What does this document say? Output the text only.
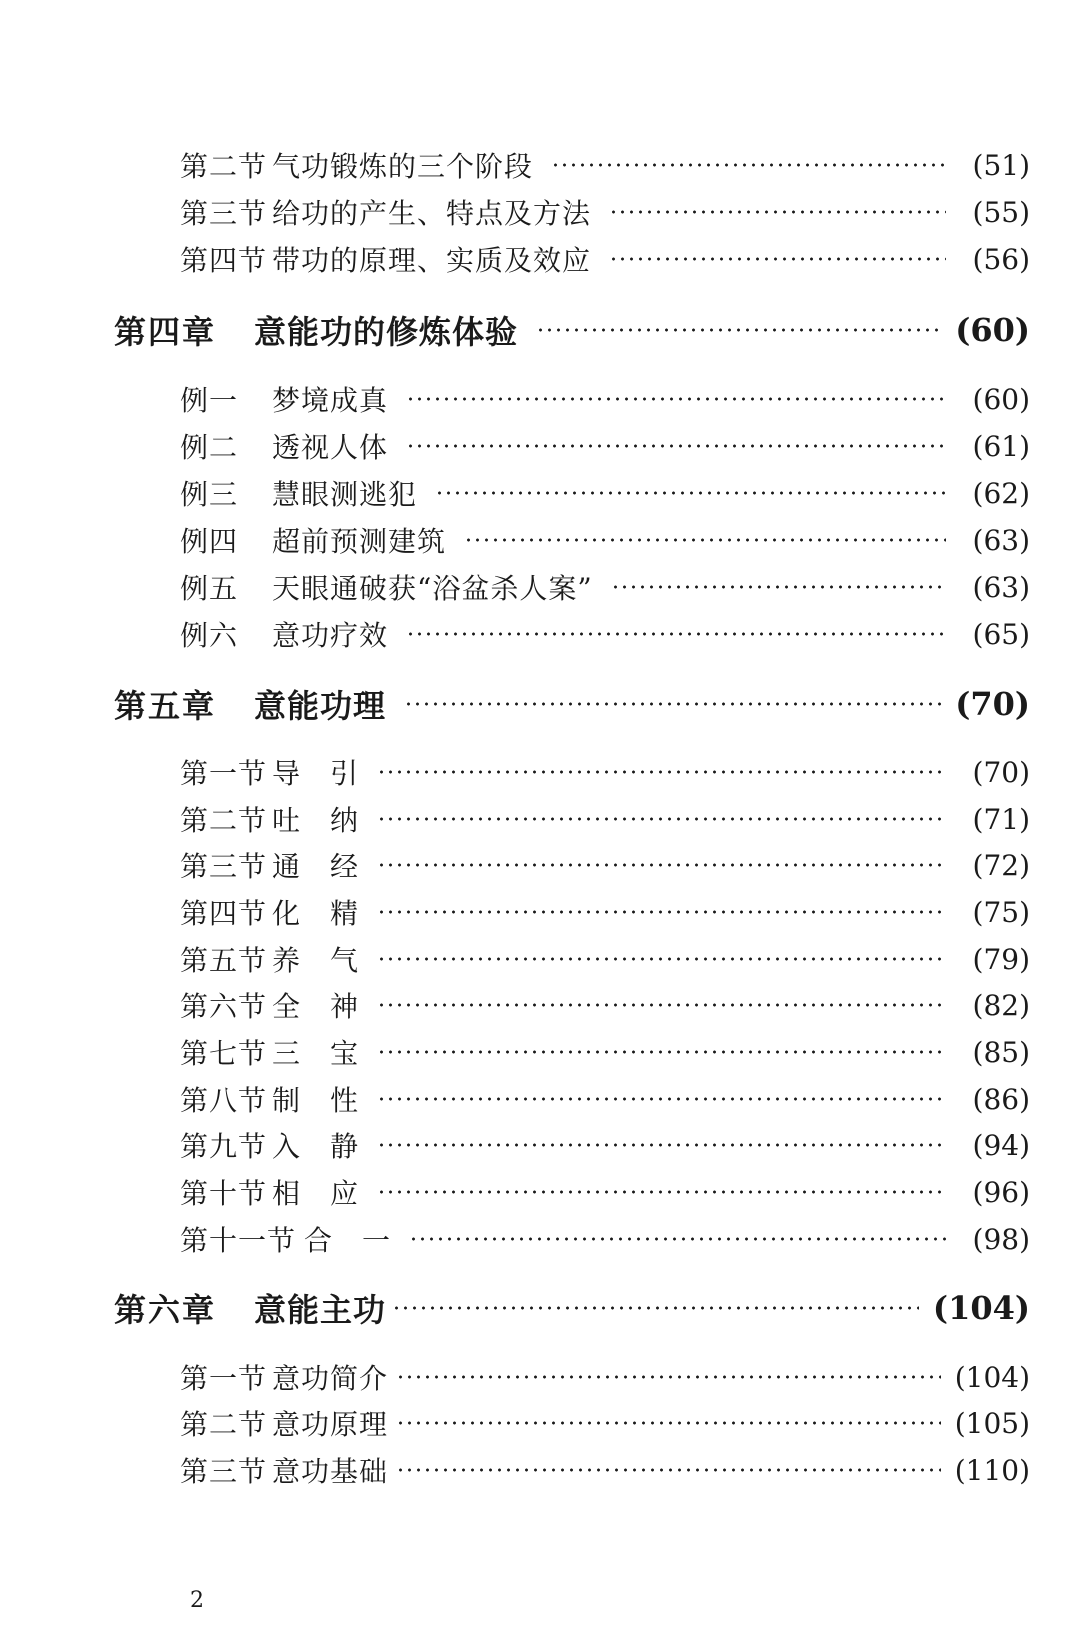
第二节 气功锻炼的三个阶段	(51)
第三节 给功的产生、特点及方法	(55)
第四节 带功的原理、实质及效应	(56)
第四章	意能功的修炼体验	(60)
例一	梦境成真	(60)
例二	透视人体	(61)
例三	慧眼测逃犯	(62)
例四	超前预测建筑	(63)
例五	天眼通破获“浴盆杀人案”	(63)
例六	意功疗效	(65)
第五章	意能功理	(70)
第一节 导　引	(70)
第二节 吐　纳	(71)
第三节 通　经	(72)
第四节 化　精	(75)
第五节 养　气	(79)
第六节 全　神	(82)
第七节 三　宝	(85)
第八节 制　性	(86)
第九节 入　静	(94)
第十节 相　应	(96)
第十一节 合　一	(98)
第六章	意能主功	(104)
第一节 意功简介	(104)
第二节 意功原理	(105)
第三节 意功基础	(110)
2
